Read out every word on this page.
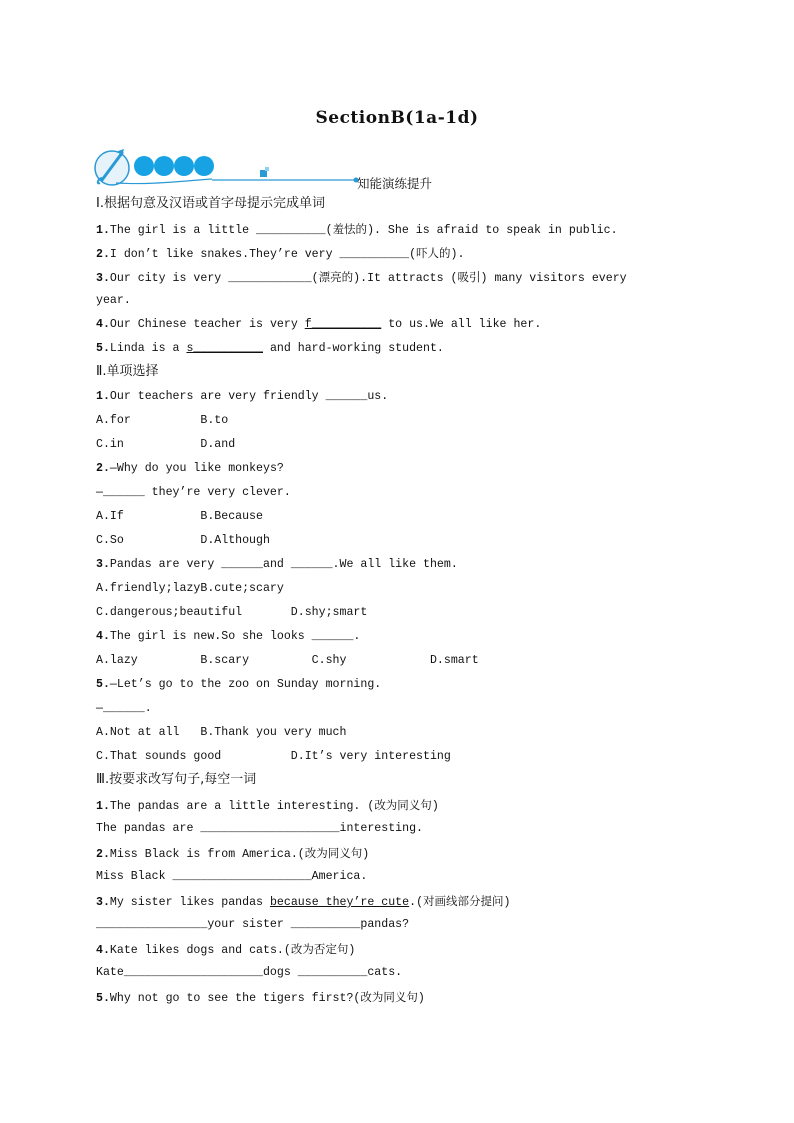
SectionB(1a-1d)
知能演练提升
Ⅰ.根据句意及汉语或首字母提示完成单词
1.The girl is a little __________(羞怯的). She is afraid to speak in public.
2.I don’t like snakes.They’re very __________(吓人的).
3.Our city is very ____________(漂亮的).It attracts (吸引) many visitors every
year.
4.Our Chinese teacher is very f__________ to us.We all like her.
5.Linda is a s__________ and hard-working student.
Ⅱ.单项选择
1.Our teachers are very friendly ______us.
A.for          B.to
C.in           D.and
2.—Why do you like monkeys?
—______ they’re very clever.
A.If           B.Because
C.So           D.Although
3.Pandas are very ______and ______.We all like them.
A.friendly;lazyB.cute;scary
C.dangerous;beautiful       D.shy;smart
4.The girl is new.So she looks ______.
A.lazy         B.scary         C.shy            D.smart
5.—Let’s go to the zoo on Sunday morning.
—______.
A.Not at all   B.Thank you very much
C.That sounds good          D.It’s very interesting
Ⅲ.按要求改写句子,每空一词
1.The pandas are a little interesting. (改为同义句)
The pandas are ____________________interesting.
2.Miss Black is from America.(改为同义句)
Miss Black ____________________America.
3.My sister likes pandas because they’re cute.(对画线部分提问)
________________your sister __________pandas?
4.Kate likes dogs and cats.(改为否定句)
Kate____________________dogs __________cats.
5.Why not go to see the tigers first?(改为同义句)
